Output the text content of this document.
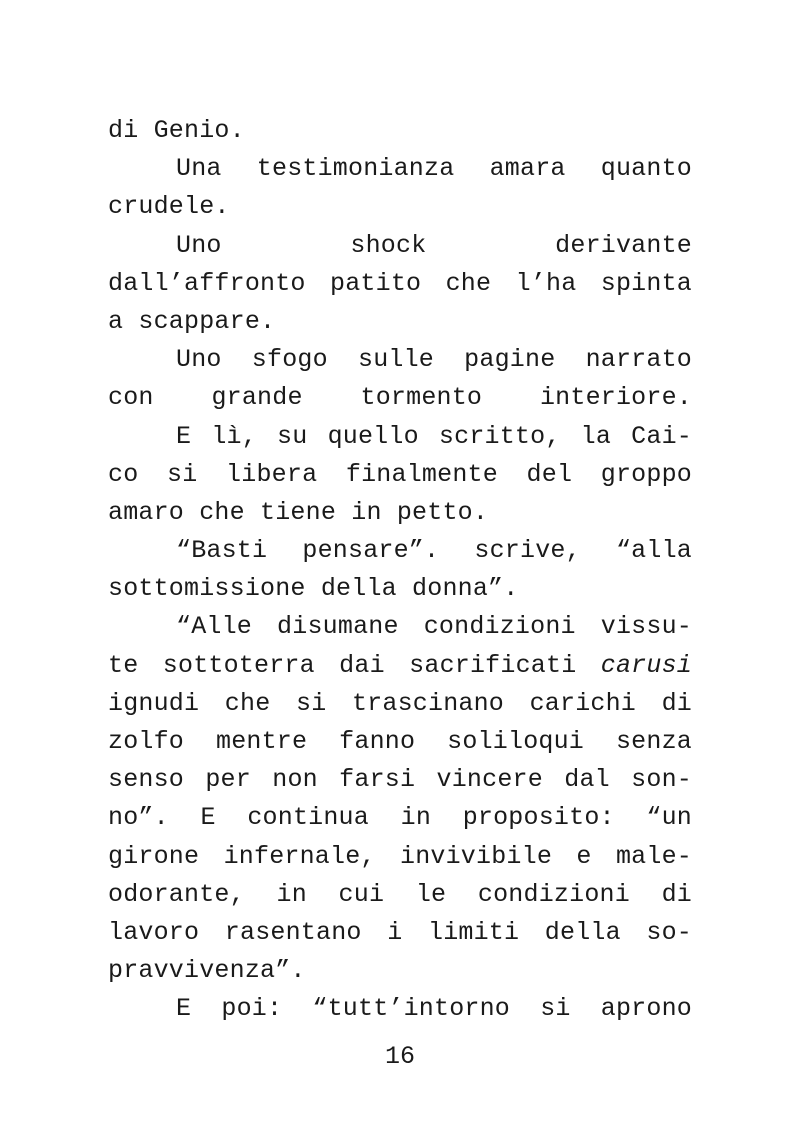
di Genio.
Una testimonianza amara quanto
crudele.
Uno shock derivante
dall’affronto patito che l’ha spinta
a scappare.
Uno sfogo sulle pagine narrato
con grande tormento interiore.
E lì, su quello scritto, la Cai-
co si libera finalmente del groppo
amaro che tiene in petto.
“Basti pensare”. scrive, “alla
sottomissione della donna”.
“Alle disumane condizioni vissu-
te sottoterra dai sacrificati carusi
ignudi che si trascinano carichi di
zolfo mentre fanno soliloqui senza
senso per non farsi vincere dal son-
no”. E continua in proposito: “un
girone infernale, invivibile e male-
odorante, in cui le condizioni di
lavoro rasentano i limiti della so-
pravvivenza”.
E poi: “tutt’intorno si aprono
16
